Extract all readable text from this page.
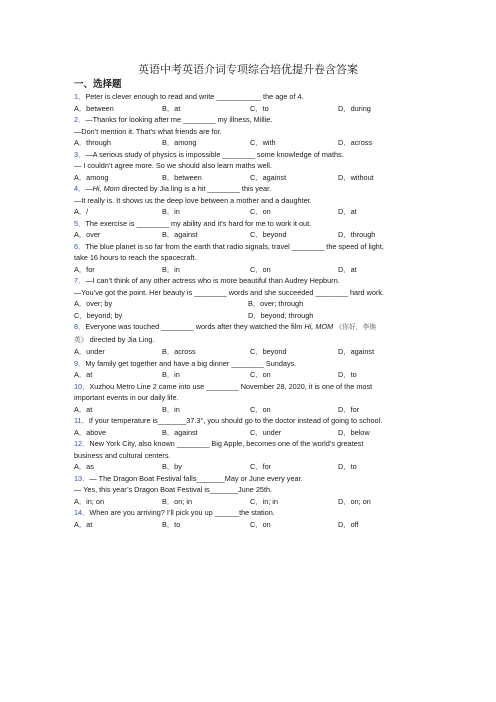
英语中考英语介词专项综合培优提升卷含答案
一、选择题
1．Peter is clever enough to read and write ___________ the age of 4.
A．between	B．at	C．to	D．during
2．—Thanks for looking after me ________ my illness, Millie.
—Don’t mention it. That’s what friends are for.
A．through	B．among	C．with	D．across
3．—A serious study of physics is impossible ________ some knowledge of maths.
— I couldn’t agree more. So we should also learn maths well.
A．among	B．between	C．against	D．without
4．—Hi, Mom directed by Jia ling is a hit ________ this year.
—It really is. It shows us the deep love between a mother and a daughter.
A．/	B．in	C．on	D．at
5．The exercise is ________ my ability and it’s hard for me to work it out.
A．over	B．against	C．beyond	D．through
6．The blue planet is so far from the earth that radio signals, travel ________ the speed of light,
take 16 hours to reach the spacecraft.
A．for	B．in	C．on	D．at
7．—I can’t think of any other actress who is more beautiful than Audrey Hepburn.
—You’ve got the point. Her beauty is ________ words and she succeeded ________ hard work.
A．over; by	B．over; through
C．beyond; by	D．beyond; through
8．Everyone was touched ________ words after they watched the film Hi, MOM 《你好，李焕
英》 directed by Jia Ling.
A．under	B．across	C．beyond	D．against
9．My family get together and have a big dinner ________ Sundays.
A．at	B．in	C．on	D．to
10．Xuzhou Metro Line 2 came into use ________ November 28, 2020, it is one of the most
important events in our daily life.
A．at	B．in	C．on	D．for
11．If your temperature is_______37.3°, you should go to the doctor instead of going to school.
A．above	B．against	C．under	D．below
12．New York City, also known ________ Big Apple, becomes one of the world’s greatest
business and cultural centers.
A．as	B．by	C．for	D．to
13．— The Dragon Boat Festival falls_______May or June every year.
— Yes, this year’s Dragon Boat Festival is_______June 25th.
A．in; on	B．on; in	C．in; in	D．on; on
14．When are you arriving? I’ll pick you up ______the station.
A．at	B．to	C．on	D．off
